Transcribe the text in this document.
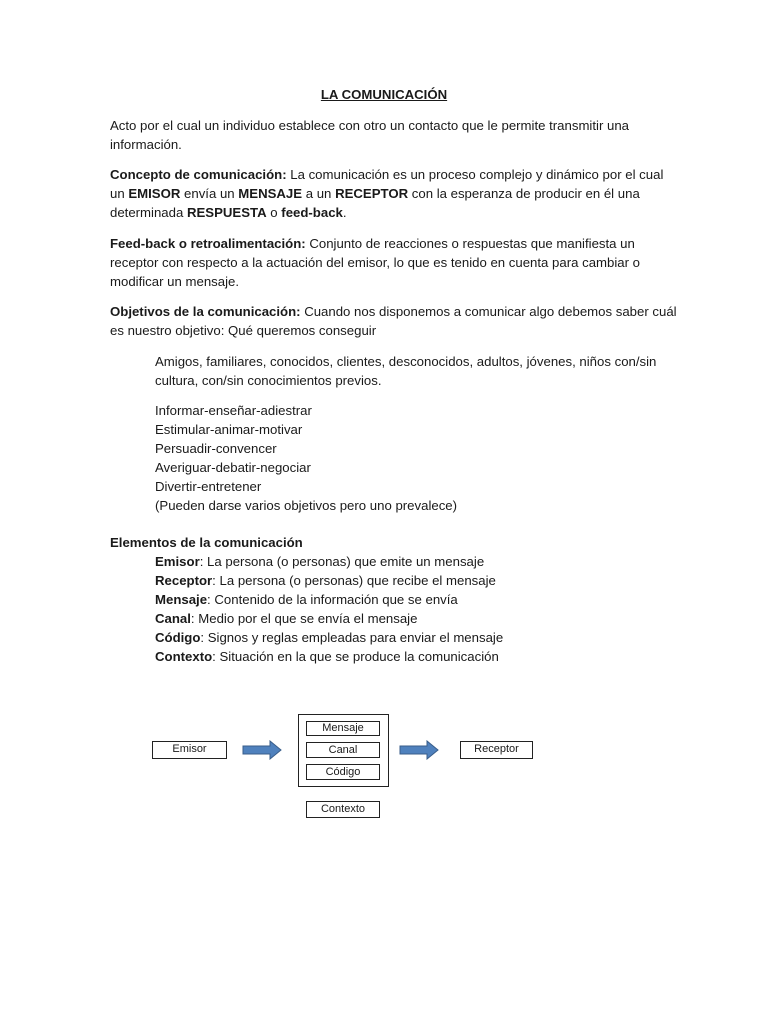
LA COMUNICACIÓN
Acto por el cual un individuo establece con otro un contacto que le permite transmitir una
información.
Concepto de comunicación: La comunicación es un proceso complejo y dinámico por el cual
un EMISOR envía un MENSAJE a un RECEPTOR con la esperanza de producir en él una
determinada RESPUESTA o feed-back.
Feed-back o retroalimentación: Conjunto de reacciones o respuestas que manifiesta un
receptor con respecto a la actuación del emisor, lo que es tenido en cuenta para cambiar o
modificar un mensaje.
Objetivos de la comunicación: Cuando nos disponemos a comunicar algo debemos saber cuál
es nuestro objetivo: Qué queremos conseguir
Amigos, familiares, conocidos, clientes, desconocidos, adultos, jóvenes, niños con/sin
cultura, con/sin conocimientos previos.
Informar-enseñar-adiestrar
Estimular-animar-motivar
Persuadir-convencer
Averiguar-debatir-negociar
Divertir-entretener
(Pueden darse varios objetivos pero uno prevalece)
Elementos de la comunicación
Emisor: La persona (o personas) que emite un mensaje
Receptor: La persona (o personas) que recibe el mensaje
Mensaje: Contenido de la información que se envía
Canal: Medio por el que se envía el mensaje
Código: Signos y reglas empleadas para enviar el mensaje
Contexto: Situación en la que se produce la comunicación
Emisor
Mensaje
Canal
Código
Receptor
Contexto
